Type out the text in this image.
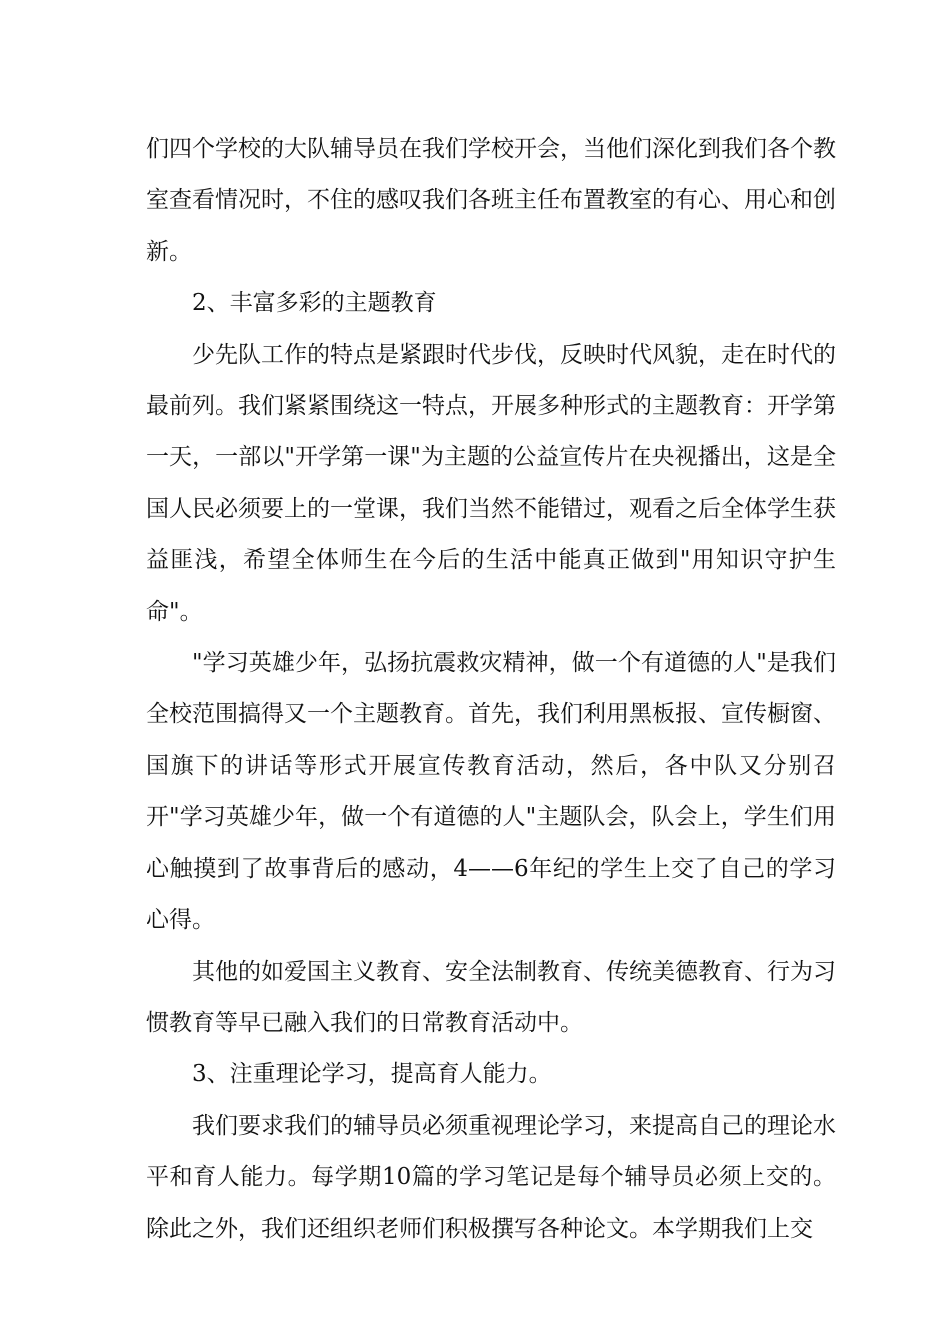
们四个学校的大队辅导员在我们学校开会，当他们深化到我们各个教室查看情况时，不住的感叹我们各班主任布置教室的有心、用心和创新。

2、丰富多彩的主题教育

少先队工作的特点是紧跟时代步伐，反映时代风貌，走在时代的最前列。我们紧紧围绕这一特点，开展多种形式的主题教育：开学第一天，一部以"开学第一课"为主题的公益宣传片在央视播出，这是全国人民必须要上的一堂课，我们当然不能错过，观看之后全体学生获益匪浅，希望全体师生在今后的生活中能真正做到"用知识守护生命"。

"学习英雄少年，弘扬抗震救灾精神，做一个有道德的人"是我们全校范围搞得又一个主题教育。首先，我们利用黑板报、宣传橱窗、国旗下的讲话等形式开展宣传教育活动，然后，各中队又分别召开"学习英雄少年，做一个有道德的人"主题队会，队会上，学生们用心触摸到了故事背后的感动，4——6年纪的学生上交了自己的学习心得。

其他的如爱国主义教育、安全法制教育、传统美德教育、行为习惯教育等早已融入我们的日常教育活动中。

3、注重理论学习，提高育人能力。

我们要求我们的辅导员必须重视理论学习，来提高自己的理论水平和育人能力。每学期10篇的学习笔记是每个辅导员必须上交的。除此之外，我们还组织老师们积极撰写各种论文。本学期我们上交
